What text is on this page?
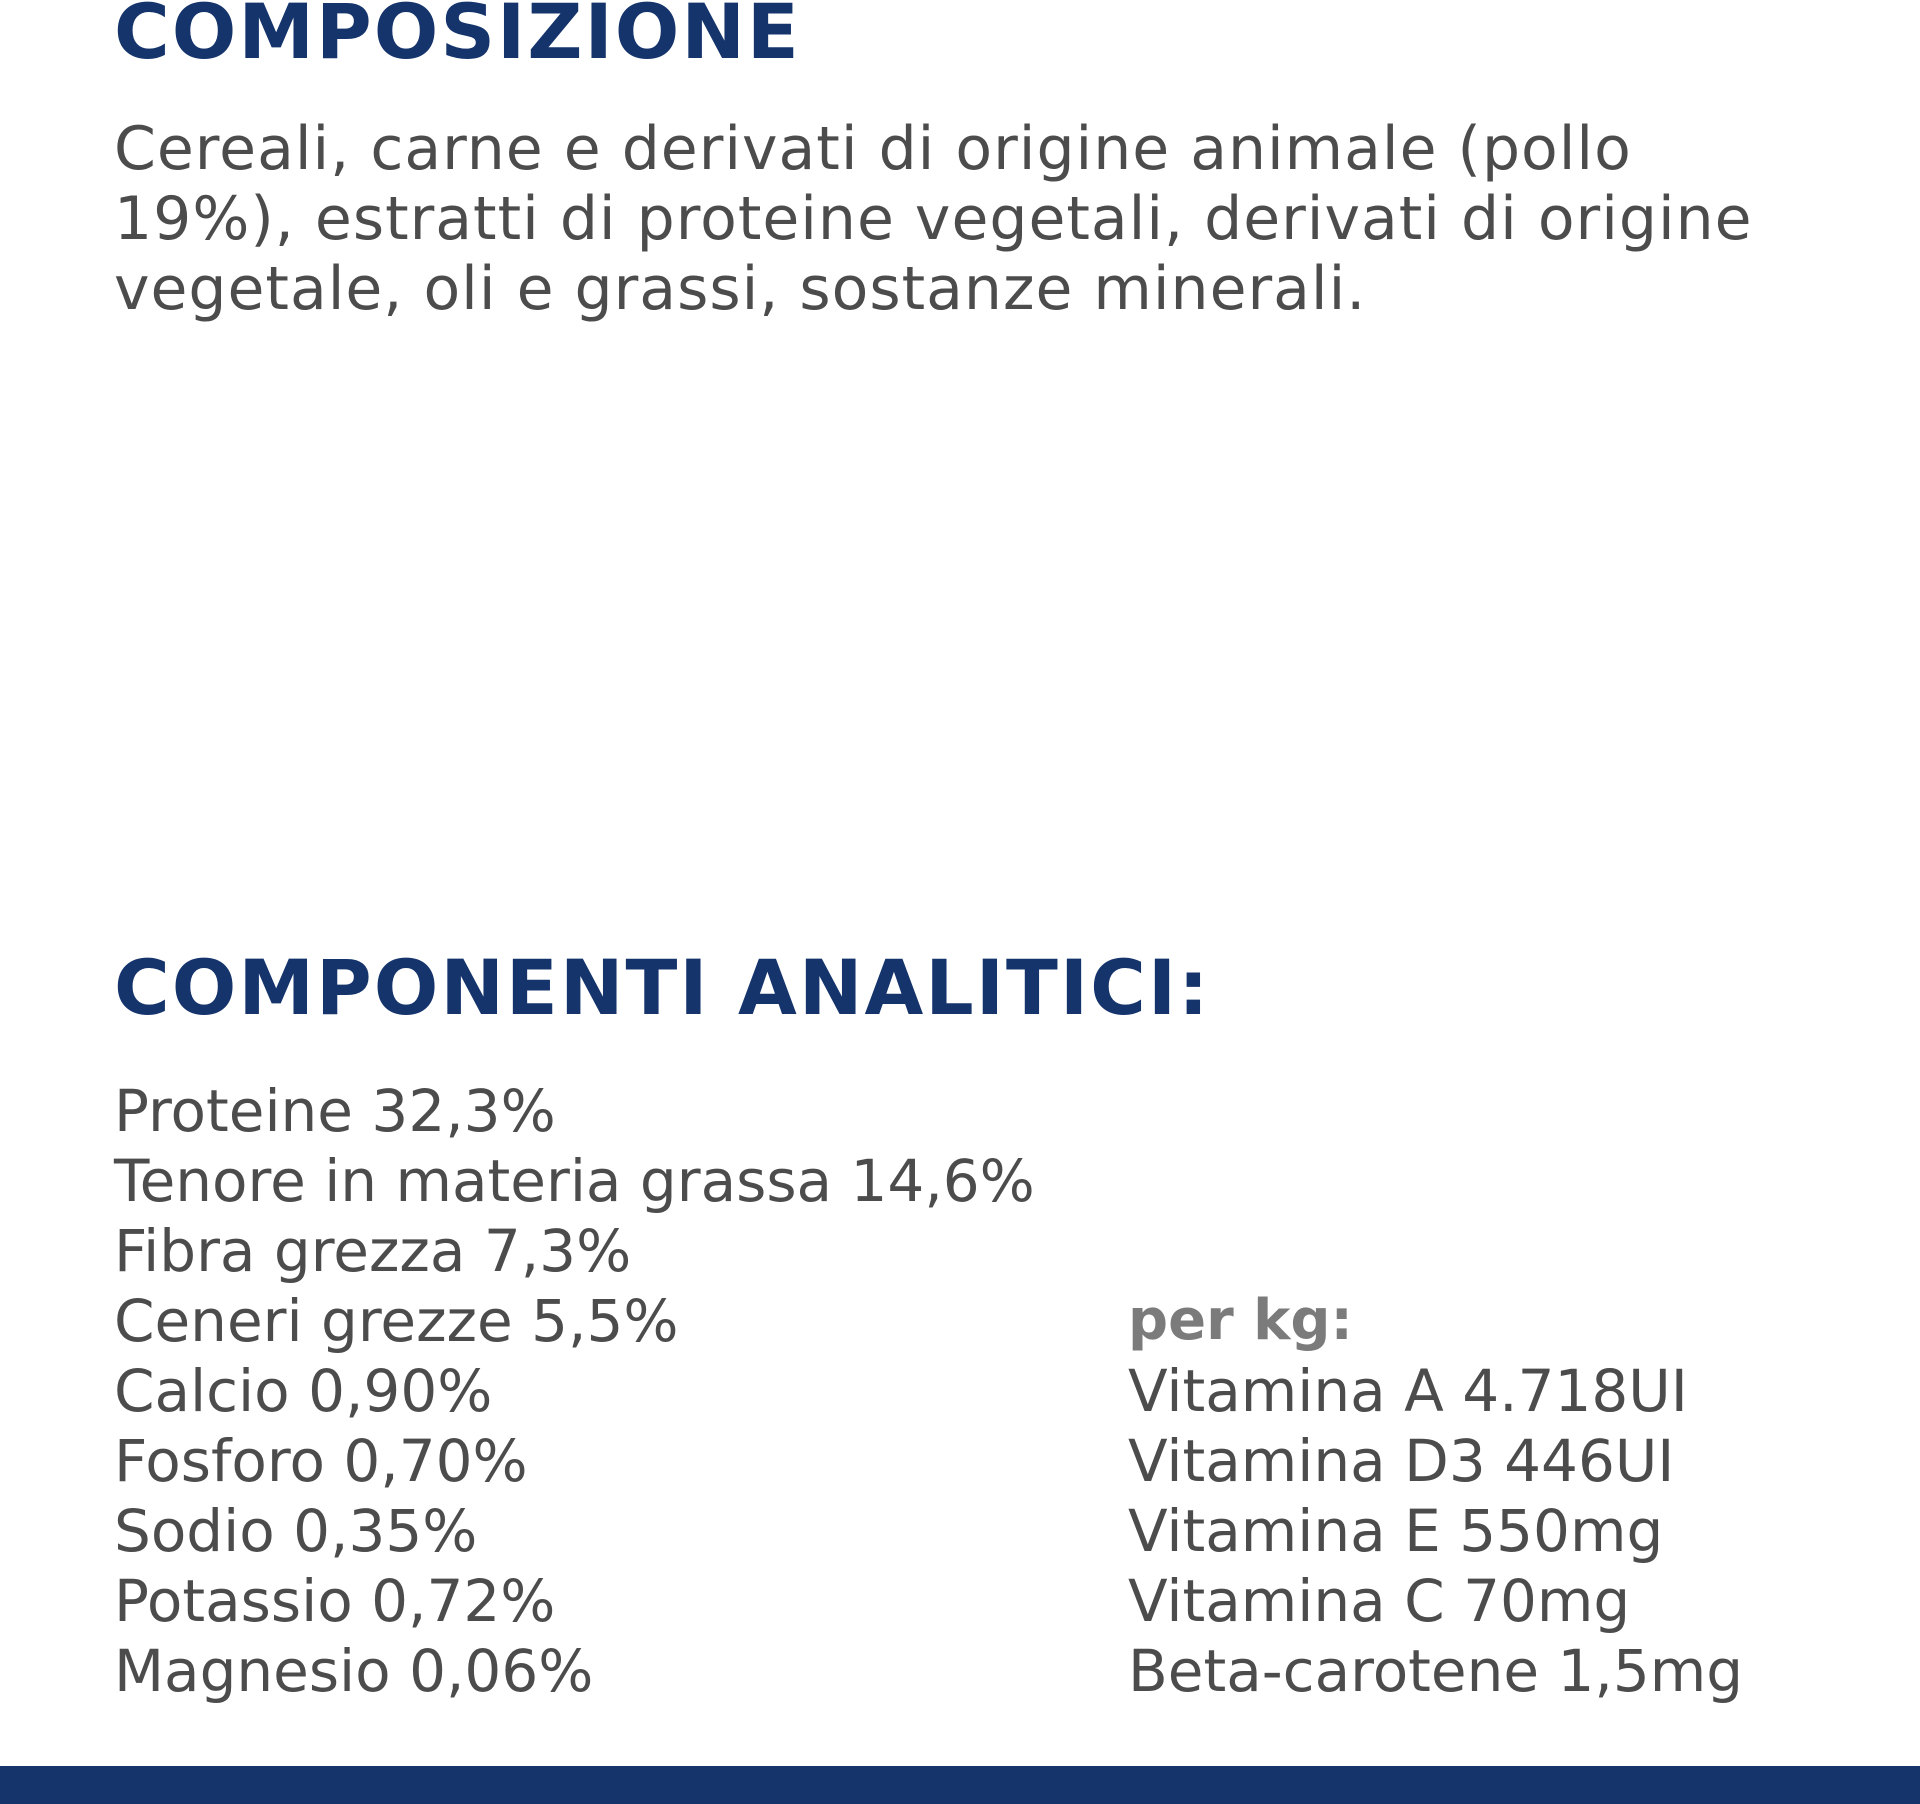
COMPOSIZIONE

Cereali, carne e derivati di origine animale (pollo
19%), estratti di proteine vegetali, derivati di origine
vegetale, oli e grassi, sostanze minerali.

COMPONENTI ANALITICI:
Proteine 32,3%
Tenore in materia grassa 14,6%
Fibra grezza 7,3%
Ceneri grezze 5,5%
Calcio 0,90%
Fosforo 0,70%
Sodio 0,35%
Potassio 0,72%
Magnesio 0,06%
per kg:
Vitamina A 4.718UI
Vitamina D3 446UI
Vitamina E 550mg
Vitamina C 70mg
Beta-carotene 1,5mg
